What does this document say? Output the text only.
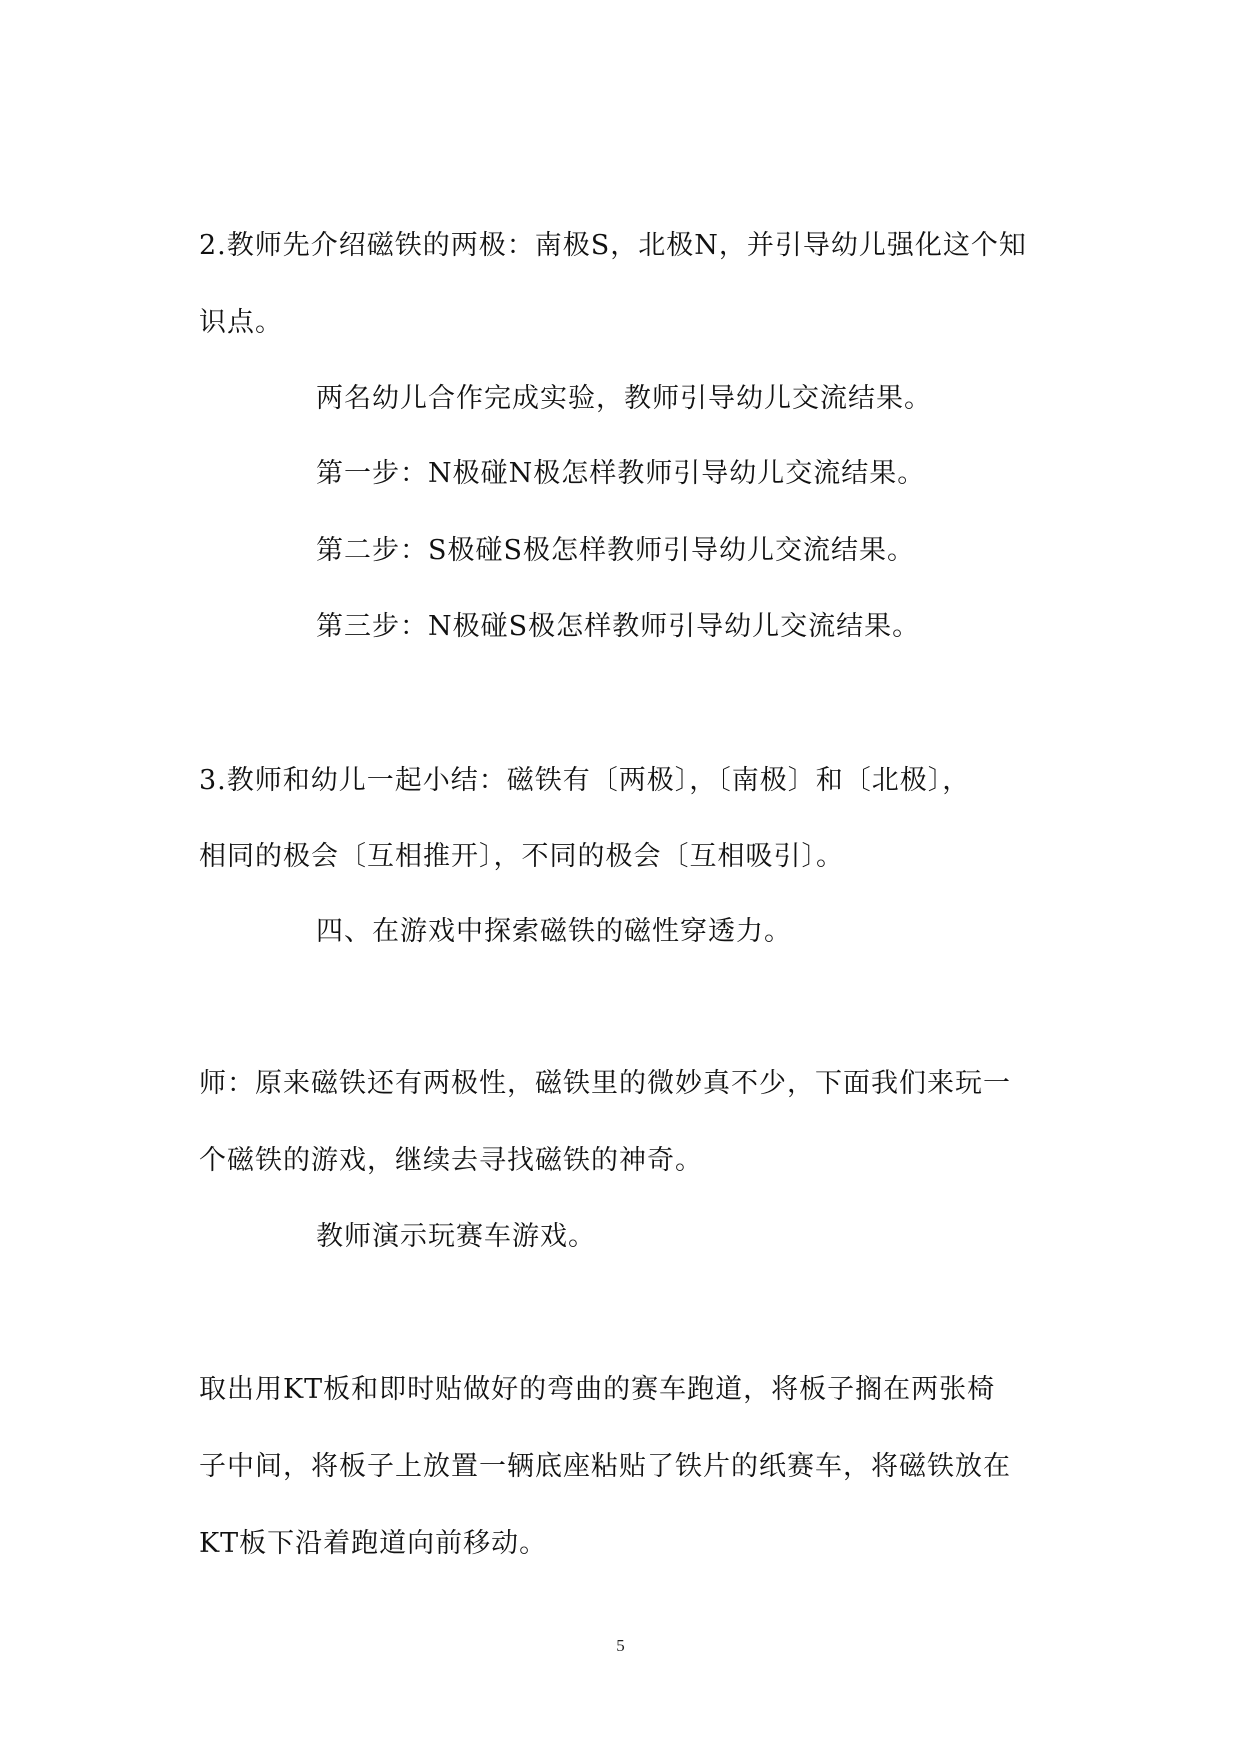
2.教师先介绍磁铁的两极：南极S，北极N，并引导幼儿强化这个知
识点。
两名幼儿合作完成实验，教师引导幼儿交流结果。
第一步：N极碰N极怎样教师引导幼儿交流结果。
第二步：S极碰S极怎样教师引导幼儿交流结果。
第三步：N极碰S极怎样教师引导幼儿交流结果。
3.教师和幼儿一起小结：磁铁有〔两极〕，〔南极〕和〔北极〕，
相同的极会〔互相推开〕，不同的极会〔互相吸引〕。
四、在游戏中探索磁铁的磁性穿透力。
师：原来磁铁还有两极性，磁铁里的微妙真不少，下面我们来玩一
个磁铁的游戏，继续去寻找磁铁的神奇。
教师演示玩赛车游戏。
取出用KT板和即时贴做好的弯曲的赛车跑道，将板子搁在两张椅
子中间，将板子上放置一辆底座粘贴了铁片的纸赛车，将磁铁放在
KT板下沿着跑道向前移动。
5
